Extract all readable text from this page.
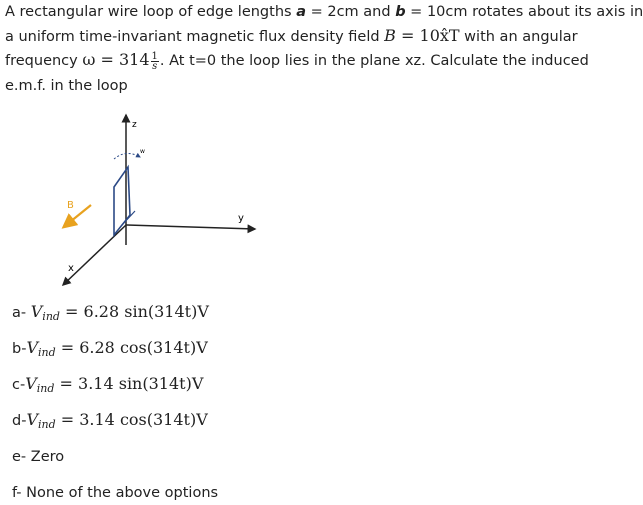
A rectangular wire loop of edge lengths a = 2cm and b = 10cm rotates about its axis in
a uniform time-invariant magnetic flux density field B = 10x̂T with an angular
frequency $\omega = 314 \frac{1}{s}$ . At t=0 the loop lies in the plane xz. Calculate the induced
e.m.f. in the loop
z
y
x
w
B
a- $V_{ind} = 6.28$ sin(314t)V
$b-V_{ind} = 6.28$ cos(314t)V
$c-V_{ind} = 3.14$ sin(314t)V
$d-V_{ind} = 3.14$ cos(314t)V
e- Zero
f- None of the above options
